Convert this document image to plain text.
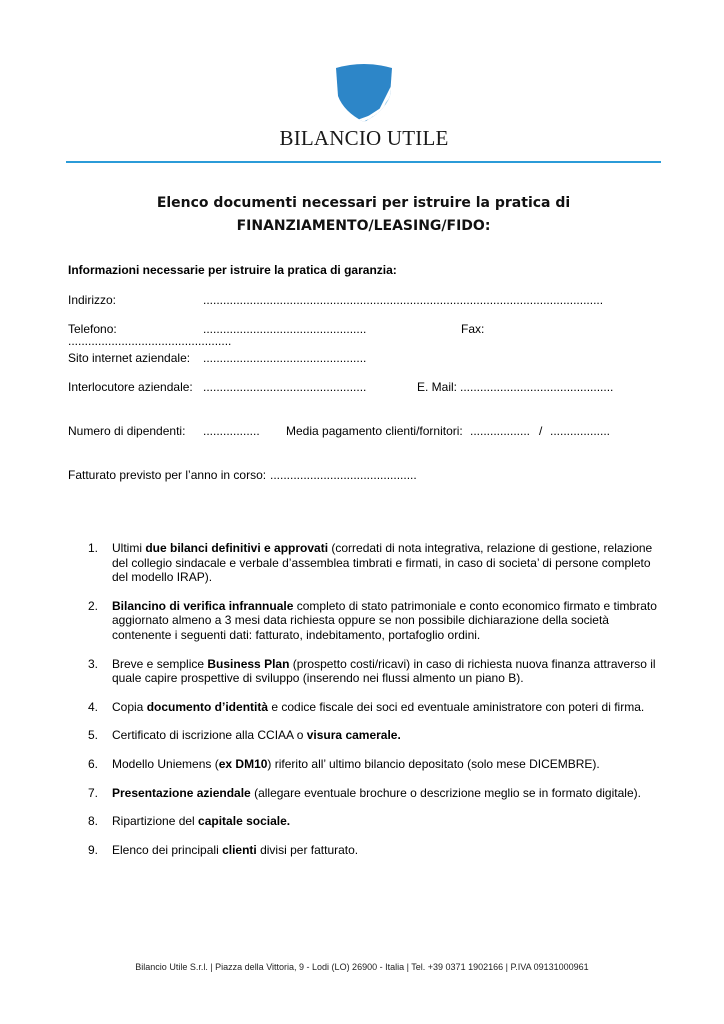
BILANCIO UTILE
Elenco documenti necessari per istruire la pratica di
FINANZIAMENTO/LEASING/FIDO:
Informazioni necessarie per istruire la pratica di garanzia:
Indirizzo:	........................................................................................................................
Telefono:	.................................................	Fax:
.................................................
Sito internet aziendale: .................................................
Interlocutore aziendale: .................................................	E. Mail: ..............................................
Numero di dipendenti: ................. Media pagamento clienti/fornitori: .................. / ..................
Fatturato previsto per l’anno in corso: ............................................
1. Ultimi due bilanci definitivi e approvati (corredati di nota integrativa, relazione di gestione, relazione del collegio sindacale e verbale d’assemblea timbrati e firmati, in caso di societa’ di persone completo del modello IRAP).
2. Bilancino di verifica infrannuale completo di stato patrimoniale e conto economico firmato e timbrato aggiornato almeno a 3 mesi data richiesta oppure se non possibile dichiarazione della società contenente i seguenti dati: fatturato, indebitamento, portafoglio ordini.
3. Breve e semplice Business Plan (prospetto costi/ricavi) in caso di richiesta nuova finanza attraverso il quale capire prospettive di sviluppo (inserendo nei flussi almento un piano B).
4. Copia documento d’identità e codice fiscale dei soci ed eventuale aministratore con poteri di firma.
5. Certificato di iscrizione alla CCIAA o visura camerale.
6. Modello Uniemens (ex DM10) riferito all’ ultimo bilancio depositato (solo mese DICEMBRE).
7. Presentazione aziendale (allegare eventuale brochure o descrizione meglio se in formato digitale).
8. Ripartizione del capitale sociale.
9. Elenco dei principali clienti divisi per fatturato.
Bilancio Utile S.r.l. | Piazza della Vittoria, 9 - Lodi (LO) 26900 - Italia | Tel. +39 0371 1902166 | P.IVA 09131000961
